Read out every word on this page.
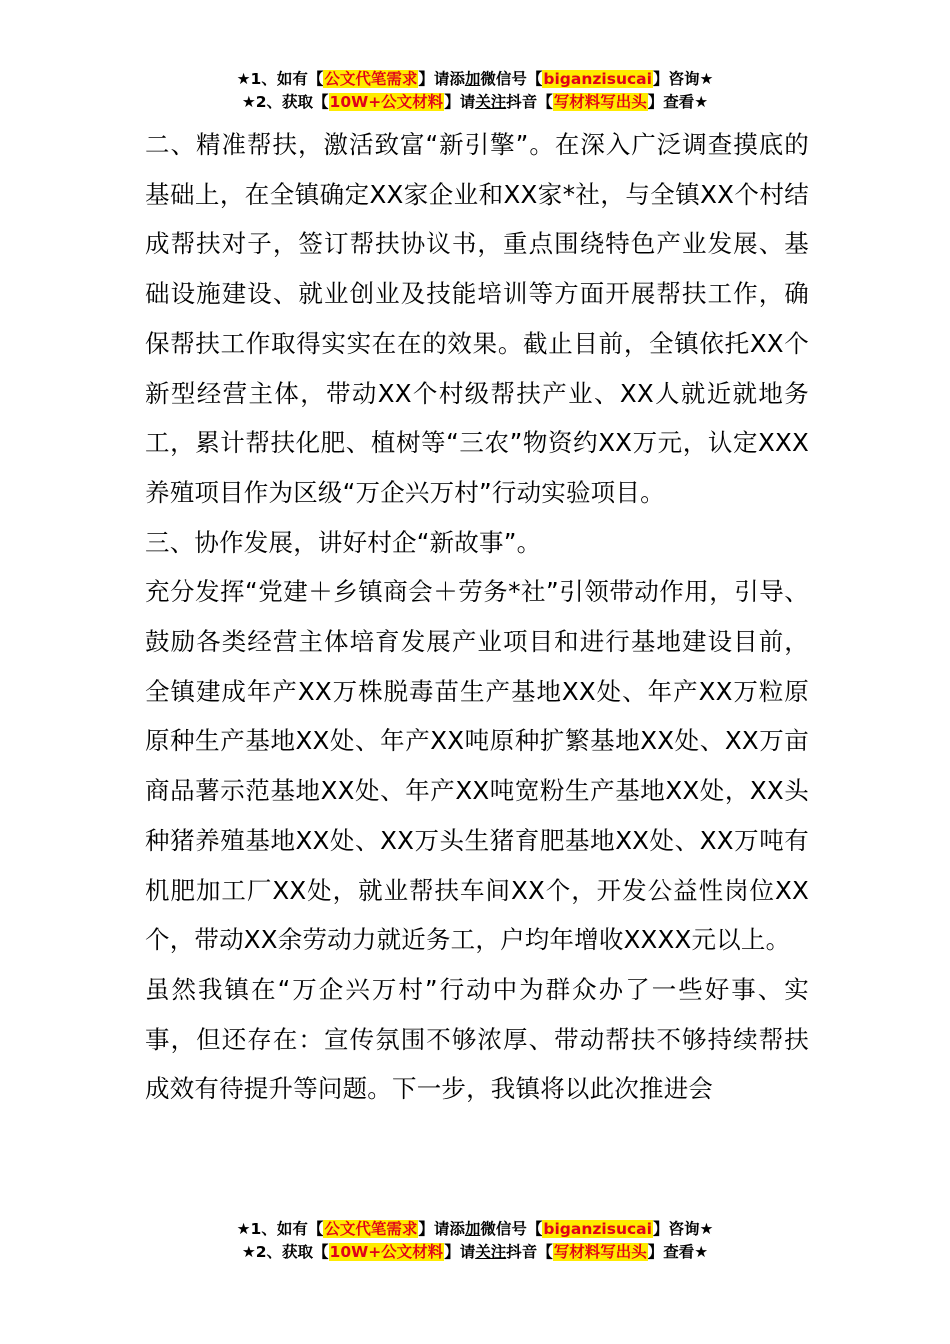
★1、如有【公文代笔需求】请添加微信号【biganzisucai】咨询★
★2、获取【10W+公文材料】请关注抖音【写材料写出头】查看★

二、精准帮扶，激活致富“新引擎”。在深入广泛调查摸底的基础上，在全镇确定XX家企业和XX家*社，与全镇XX个村结成帮扶对子，签订帮扶协议书，重点围绕特色产业发展、基础设施建设、就业创业及技能培训等方面开展帮扶工作，确保帮扶工作取得实实在在的效果。截止目前，全镇依托XX个新型经营主体，带动XX个村级帮扶产业、XX人就近就地务工，累计帮扶化肥、植树等“三农”物资约XX万元，认定XXX养殖项目作为区级“万企兴万村”行动实验项目。

三、协作发展，讲好村企“新故事”。

充分发挥“党建＋乡镇商会＋劳务*社”引领带动作用，引导、鼓励各类经营主体培育发展产业项目和进行基地建设目前，全镇建成年产XX万株脱毒苗生产基地XX处、年产XX万粒原原种生产基地XX处、年产XX吨原种扩繁基地XX处、XX万亩商品薯示范基地XX处、年产XX吨宽粉生产基地XX处，XX头种猪养殖基地XX处、XX万头生猪育肥基地XX处、XX万吨有机肥加工厂XX处，就业帮扶车间XX个，开发公益性岗位XX个，带动XX余劳动力就近务工，户均年增收XXXX元以上。

虽然我镇在“万企兴万村”行动中为群众办了一些好事、实事，但还存在：宣传氛围不够浓厚、带动帮扶不够持续帮扶成效有待提升等问题。下一步，我镇将以此次推进会

★1、如有【公文代笔需求】请添加微信号【biganzisucai】咨询★
★2、获取【10W+公文材料】请关注抖音【写材料写出头】查看★
